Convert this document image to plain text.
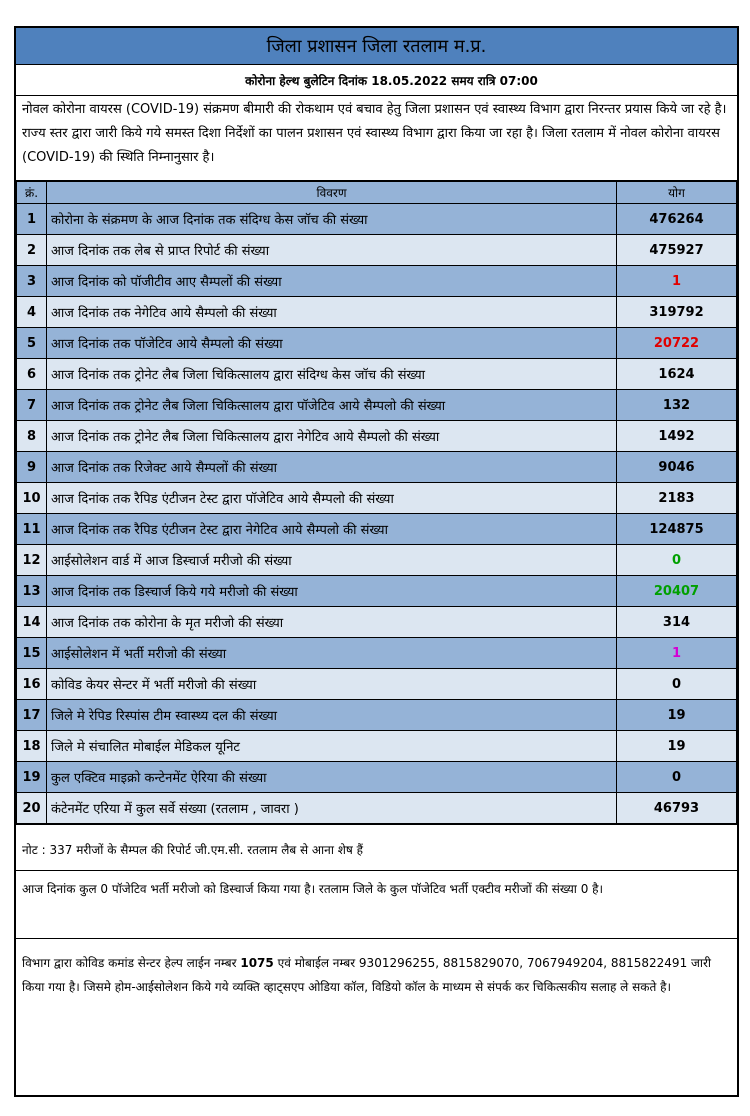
जिला प्रशासन जिला रतलाम म.प्र.
कोरोना हेल्थ बुलेटिन दिनांक 18.05.2022 समय रात्रि 07:00
नोवल कोरोना वायरस (COVID-19) संक्रमण बीमारी की रोकथाम एवं बचाव हेतु जिला प्रशासन एवं स्वास्थ्य विभाग द्वारा निरन्तर प्रयास किये जा रहे है। राज्य स्तर द्वारा जारी किये गये समस्त दिशा निर्देशों का पालन प्रशासन एवं स्वास्थ्य विभाग द्वारा किया जा रहा है। जिला रतलाम में नोवल कोरोना वायरस (COVID-19) की स्थिति निम्नानुसार है।
क्रं.	विवरण	योग
1	कोरोना के संक्रमण के आज दिनांक तक संदिग्ध केस जॉच की संख्या	476264
2	आज दिनांक तक लेब से प्राप्त रिपोर्ट की संख्या	475927
3	आज दिनांक को पॉजीटीव आए सैम्पलों की संख्या	1
4	आज दिनांक तक नेगेटिव आये सैम्पलो की संख्या	319792
5	आज दिनांक तक पॉजेटिव आये सैम्पलो की संख्या	20722
6	आज दिनांक तक ट्रोनेट लैब जिला चिकित्सालय द्वारा संदिग्ध केस जॉच की संख्या	1624
7	आज दिनांक तक ट्रोनेट लैब जिला चिकित्सालय द्वारा पॉजेटिव आये सैम्पलो की संख्या	132
8	आज दिनांक तक ट्रोनेट लैब जिला चिकित्सालय द्वारा नेगेटिव आये सैम्पलो की संख्या	1492
9	आज दिनांक तक रिजेक्ट आये सैम्पलों की संख्या	9046
10	आज दिनांक तक रैपिड एंटीजन टेस्ट द्वारा पॉजेटिव आये सैम्पलो की संख्या	2183
11	आज दिनांक तक रैपिड एंटीजन टेस्ट द्वारा नेगेटिव आये सैम्पलो की संख्या	124875
12	आईसोलेशन वार्ड में आज डिस्चार्ज मरीजो की संख्या	0
13	आज दिनांक तक डिस्चार्ज किये गये मरीजो की संख्या	20407
14	आज दिनांक तक कोरोना के मृत मरीजो की संख्या	314
15	आईसोलेशन में भर्ती मरीजो की संख्या	1
16	कोविड केयर सेन्टर में भर्ती मरीजो की संख्या	0
17	जिले मे रेपिड रिस्पांस टीम स्वास्थ्य दल की संख्या	19
18	जिले मे संचालित मोबाईल मेडिकल यूनिट	19
19	कुल एक्टिव माइक्रो कन्टेनमेंट ऐरिया की संख्या	0
20	कंटेनमेंट एरिया में कुल सर्वे संख्या (रतलाम , जावरा )	46793
नोट : 337 मरीजों के सैम्पल की रिपोर्ट जी.एम.सी. रतलाम लैब से आना शेष हैं
आज दिनांक कुल 0 पॉजेटिव भर्ती मरीजो को डिस्चार्ज किया गया है। रतलाम जिले के कुल पॉजेटिव भर्ती एक्टीव मरीजों की संख्या 0 है।
विभाग द्वारा कोविड कमांड सेन्टर हेल्प लाईन नम्बर 1075 एवं मोबाईल नम्बर 9301296255, 8815829070, 7067949204, 8815822491 जारी किया गया है। जिसमे होम-आईसोलेशन किये गये व्यक्ति व्हाट्सएप ओडिया कॉल, विडियो कॉल के माध्यम से संपर्क कर चिकित्सकीय सलाह ले सकते है।
